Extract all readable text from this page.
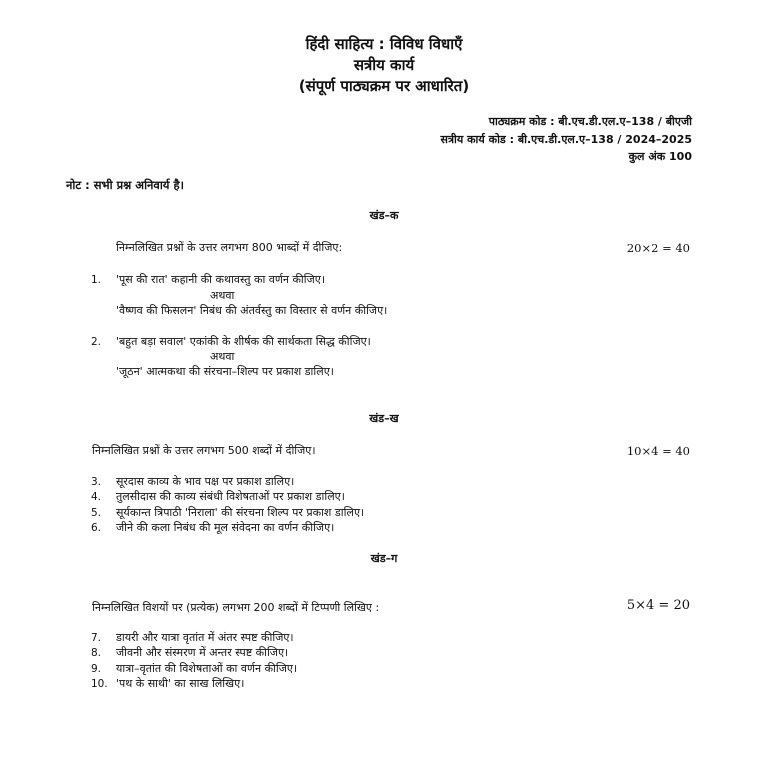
हिंदी साहित्य : विविध विधाएँ
सत्रीय कार्य
(संपूर्ण पाठ्यक्रम पर आधारित)
पाठ्यक्रम कोड : बी.एच.डी.एल.ए–138 / बीएजी
सत्रीय कार्य कोड : बी.एच.डी.एल.ए–138 / 2024–2025
कुल अंक 100
नोट : सभी प्रश्न अनिवार्य है।
खंड–क
निम्नलिखित प्रश्नों के उत्तर लगभग 800 भाब्दों में दीजिए:	20×2 = 40
1. 'पूस की रात' कहानी की कथावस्तु का वर्णन कीजिए।
अथवा
'वैष्णव की फिसलन' निबंध की अंतर्वस्तु का विस्तार से वर्णन कीजिए।
2. 'बहुत बड़ा सवाल' एकांकी के शीर्षक की सार्थकता सिद्ध कीजिए।
अथवा
'जूठन' आत्मकथा की संरचना–शिल्प पर प्रकाश डालिए।
खंड–ख
निम्नलिखित प्रश्नों के उत्तर लगभग 500 शब्दों में दीजिए।	10×4 = 40
3. सूरदास काव्य के भाव पक्ष पर प्रकाश डालिए।
4. तुलसीदास की काव्य संबंधी विशेषताओं पर प्रकाश डालिए।
5. सूर्यकान्त त्रिपाठी 'निराला' की संरचना शिल्प पर प्रकाश डालिए।
6. जीने की कला निबंध की मूल संवेदना का वर्णन कीजिए।
खंड–ग
निम्नलिखित विशयों पर (प्रत्येक) लगभग 200 शब्दों में टिप्पणी लिखिए :	5×4 = 20
7. डायरी और यात्रा वृतांत में अंतर स्पष्ट कीजिए।
8. जीवनी और संस्मरण में अन्तर स्पष्ट कीजिए।
9. यात्रा–वृतांत की विशेषताओं का वर्णन कीजिए।
10. 'पथ के साथी' का साख लिखिए।
